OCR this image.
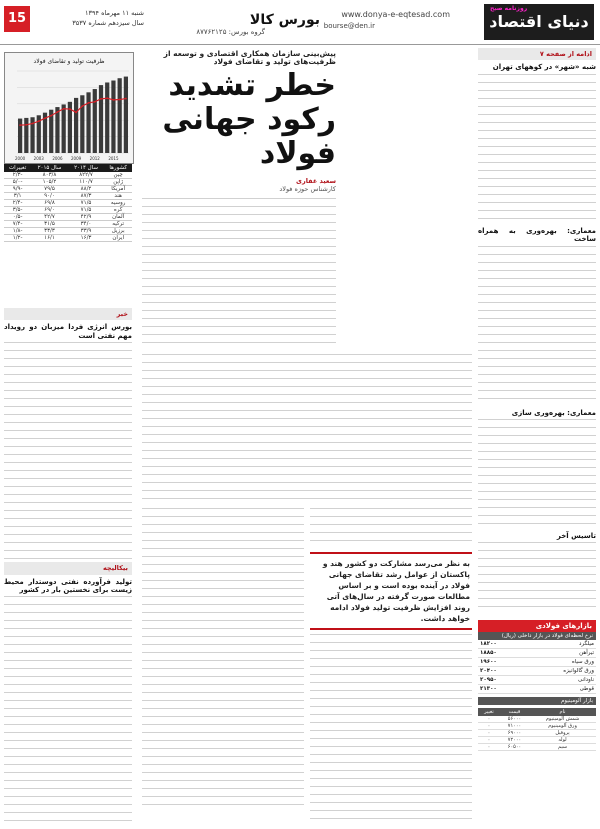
روزنامه صبح
دنیای اقتصاد
www.donya-e-eqtesad.com
bourse@den.ir
بورس کالا
گروه بورس: ۸۷۷۶۲۱۲۵
شنبه ۱۱ مهرماه ۱۳۹۴
سال سیزدهم شماره ۳۵۳۷
15
ادامه از صفحه ۷
شبه «شهر» در کوههای تهران
معماری: بهره‌وری به همراه ساخت
معماری: بهره‌وری سازی
تاسیس آخر
بازارهای فولادی
نرخ لحظه‌ای فولاد در بازار داخلی (ریال)
میلگرد
۱۸۲۰۰
تیرآهن
۱۸۸۵۰
ورق سیاه
۱۹۶۰۰
ورق گالوانیزه
۲۰۴۰۰
ناودانی
۲۰۹۵۰
قوطی
۲۱۳۰۰
بازار آلومینیوم
نام	قیمت	تغییر
شمش آلومینیوم	۵۶۰۰۰	۰
ورق آلومینیوم	۷۱۰۰۰	۰
پروفیل	۶۹۰۰۰	۰
لوله	۷۲۰۰۰	۰
سیم	۶۰۵۰۰	۰
پیش‌بینی سازمان همکاری اقتصادی و توسعه از ظرفیت‌های تولید و تقاضای فولاد
خطر تشدید رکود جهانی فولاد
سعید غفاری
کارشناس حوزه فولاد
به نظر می‌رسد مشارکت دو کشور هند و پاکستان از عوامل رشد تقاضای جهانی فولاد در آینده بوده است و بر اساس مطالعات صورت گرفته در سال‌های آتی روند افزایش ظرفیت تولید فولاد ادامه خواهد داشت.
خبر
بورس انرژی فردا میزبان دو رویداد مهم نفتی است
بیکالیچه
تولید فرآورده نفتی دوستدار محیط زیست برای نخستین بار در کشور
ظرفیت تولید و تقاضای فولاد
2000 2003 2006 2009 2012 2015
کشورها	سال ۲۰۱۴	سال ۲۰۱۵	تغییرات
چین	۸۲۲/۷	۸۰۳/۸	-۲/۳
ژاپن	۱۱۰/۷	۱۰۵/۲	-۵/۰
آمریکا	۸۸/۲	۷۹/۵	-۹/۹
هند	۸۷/۳	۹۰/۰	۳/۱
روسیه	۷۱/۵	۶۹/۸	-۲/۴
کره	۷۱/۵	۶۹/۰	-۳/۵
آلمان	۴۲/۹	۴۲/۷	-۰/۵
ترکیه	۳۴/۰	۳۱/۵	-۷/۴
برزیل	۳۳/۹	۳۳/۳	-۱/۸
ایران	۱۶/۳	۱۶/۱	-۱/۲
